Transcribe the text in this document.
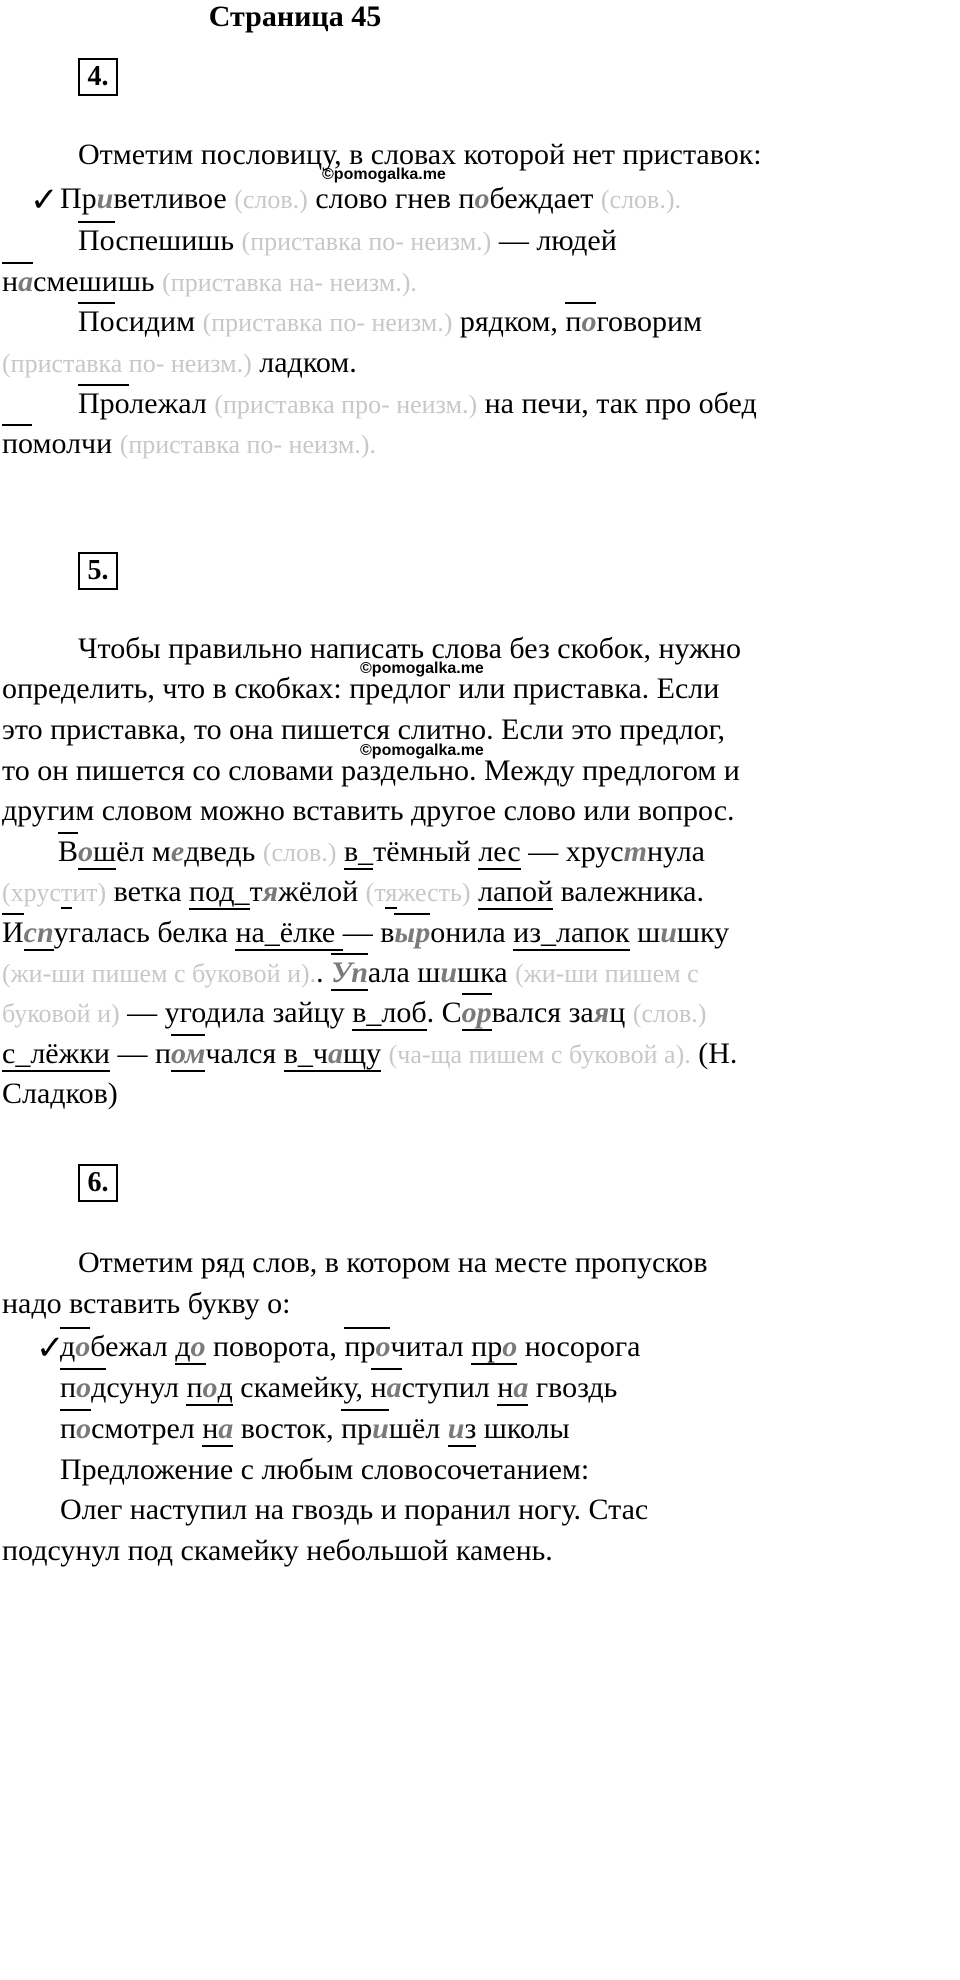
Страница 45
4.
Отметим пословицу, в словах которой нет приставок:
©pomogalka.me
✓ Приветливое (слов.) слово гнев побеждает (слов.).
Поспешишь (приставка по- неизм.) — людей
насмешишь (приставка на- неизм.).
Посидим (приставка по- неизм.) рядком, поговорим
(приставка по- неизм.) ладком.
Пролежал (приставка про- неизм.) на печи, так про обед
помолчи (приставка по- неизм.).
5.
Чтобы правильно написать слова без скобок, нужно
©pomogalka.me
определить, что в скобках: предлог или приставка. Если
это приставка, то она пишется слитно. Если это предлог,
©pomogalka.me
то он пишется со словами раздельно. Между предлогом и
другим словом можно вставить другое слово или вопрос.
Вошёл медведь (слов.) в_тёмный лес — хрустнула
(хрустит) ветка под_тяжёлой (тяжесть) лапой валежника.
Испугалась белка на_ёлке — выронила из_лапок шишку
(жи-ши пишем с буковой и).. Упала шишка (жи-ши пишем с
буковой и) — угодила зайцу в_лоб. Сорвался заяц (слов.)
с_лёжки — помчался в_чащу (ча-ща пишем с буковой а). (Н.
Сладков)
6.
Отметим ряд слов, в котором на месте пропусков
надо вставить букву о:
✓
добежал до поворота, прочитал про носорога
подсунул под скамейку, наступил на гвоздь
посмотрел на восток, пришёл из школы
Предложение с любым словосочетанием:
Олег наступил на гвоздь и поранил ногу. Стас
подсунул под скамейку небольшой камень.
